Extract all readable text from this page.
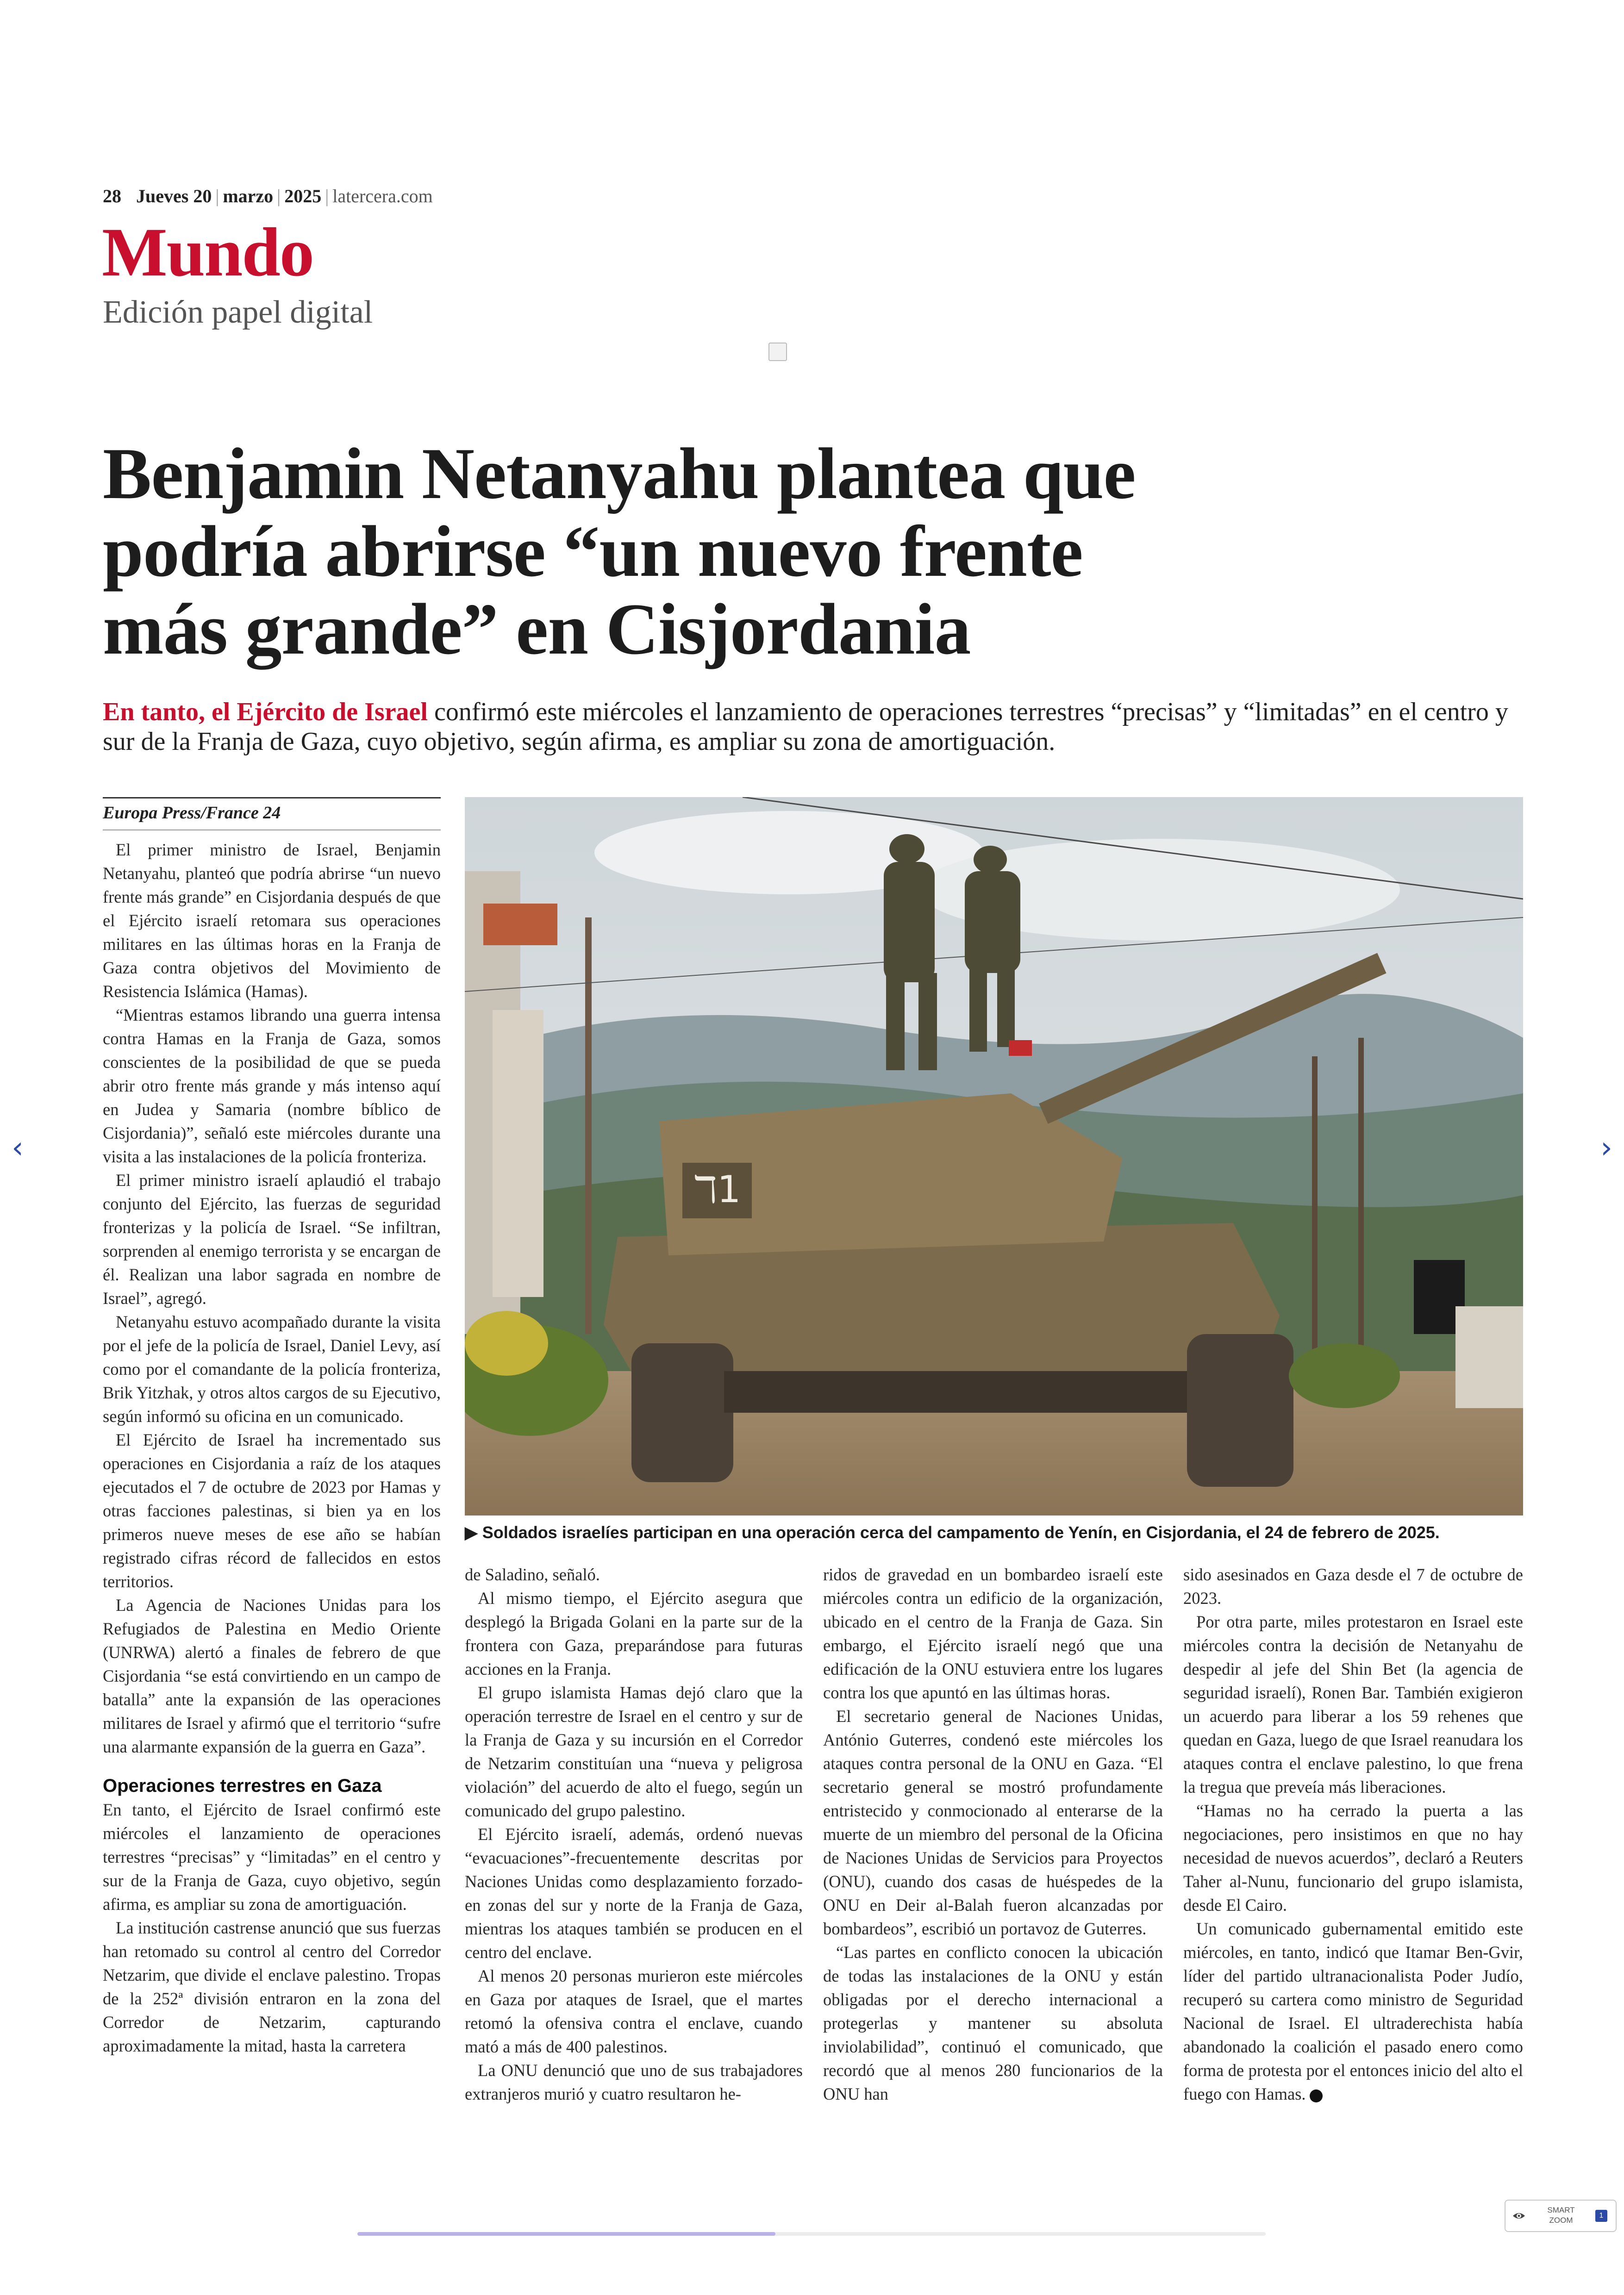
28 Jueves 20 | marzo | 2025 | latercera.com
Mundo
Edición papel digital
Benjamin Netanyahu plantea que
podría abrirse “un nuevo frente
más grande” en Cisjordania
En tanto, el Ejército de Israel confirmó este miércoles el lanzamiento de operaciones terrestres “precisas” y “limitadas” en el centro y sur de la Franja de Gaza, cuyo objetivo, según afirma, es ampliar su zona de amortiguación.
Europa Press/France 24

El primer ministro de Israel, Benjamin Netanyahu, planteó que podría abrirse “un nuevo frente más grande” en Cisjordania después de que el Ejército israelí retomara sus operaciones militares en las últimas horas en la Franja de Gaza contra objetivos del Movimiento de Resistencia Islámica (Hamas).

“Mientras estamos librando una guerra intensa contra Hamas en la Franja de Gaza, somos conscientes de la posibilidad de que se pueda abrir otro frente más grande y más intenso aquí en Judea y Samaria (nombre bíblico de Cisjordania)”, señaló este miércoles durante una visita a las instalaciones de la policía fronteriza.

El primer ministro israelí aplaudió el trabajo conjunto del Ejército, las fuerzas de seguridad fronterizas y la policía de Israel. “Se infiltran, sorprenden al enemigo terrorista y se encargan de él. Realizan una labor sagrada en nombre de Israel”, agregó.

Netanyahu estuvo acompañado durante la visita por el jefe de la policía de Israel, Daniel Levy, así como por el comandante de la policía fronteriza, Brik Yitzhak, y otros altos cargos de su Ejecutivo, según informó su oficina en un comunicado.

El Ejército de Israel ha incrementado sus operaciones en Cisjordania a raíz de los ataques ejecutados el 7 de octubre de 2023 por Hamas y otras facciones palestinas, si bien ya en los primeros nueve meses de ese año se habían registrado cifras récord de fallecidos en estos territorios.

La Agencia de Naciones Unidas para los Refugiados de Palestina en Medio Oriente (UNRWA) alertó a finales de febrero de que Cisjordania “se está convirtiendo en un campo de batalla” ante la expansión de las operaciones militares de Israel y afirmó que el territorio “sufre una alarmante expansión de la guerra en Gaza”.

Operaciones terrestres en Gaza

En tanto, el Ejército de Israel confirmó este miércoles el lanzamiento de operaciones terrestres “precisas” y “limitadas” en el centro y sur de la Franja de Gaza, cuyo objetivo, según afirma, es ampliar su zona de amortiguación.

La institución castrense anunció que sus fuerzas han retomado su control al centro del Corredor Netzarim, que divide el enclave palestino. Tropas de la 252ª división entraron en la zona del Corredor de Netzarim, capturando aproximadamente la mitad, hasta la carretera

ℸ1
▶ Soldados israelíes participan en una operación cerca del campamento de Yenín, en Cisjordania, el 24 de febrero de 2025.

de Saladino, señaló.

Al mismo tiempo, el Ejército asegura que desplegó la Brigada Golani en la parte sur de la frontera con Gaza, preparándose para futuras acciones en la Franja.

El grupo islamista Hamas dejó claro que la operación terrestre de Israel en el centro y sur de la Franja de Gaza y su incursión en el Corredor de Netzarim constituían una “nueva y peligrosa violación” del acuerdo de alto el fuego, según un comunicado del grupo palestino.

El Ejército israelí, además, ordenó nuevas “evacuaciones”-frecuentemente descritas por Naciones Unidas como desplazamiento forzado- en zonas del sur y norte de la Franja de Gaza, mientras los ataques también se producen en el centro del enclave.

Al menos 20 personas murieron este miércoles en Gaza por ataques de Israel, que el martes retomó la ofensiva contra el enclave, cuando mató a más de 400 palestinos.

La ONU denunció que uno de sus trabajadores extranjeros murió y cuatro resultaron he-

ridos de gravedad en un bombardeo israelí este miércoles contra un edificio de la organización, ubicado en el centro de la Franja de Gaza. Sin embargo, el Ejército israelí negó que una edificación de la ONU estuviera entre los lugares contra los que apuntó en las últimas horas.

El secretario general de Naciones Unidas, António Guterres, condenó este miércoles los ataques contra personal de la ONU en Gaza. “El secretario general se mostró profundamente entristecido y conmocionado al enterarse de la muerte de un miembro del personal de la Oficina de Naciones Unidas de Servicios para Proyectos (ONU), cuando dos casas de huéspedes de la ONU en Deir al-Balah fueron alcanzadas por bombardeos”, escribió un portavoz de Guterres.

“Las partes en conflicto conocen la ubicación de todas las instalaciones de la ONU y están obligadas por el derecho internacional a protegerlas y mantener su absoluta inviolabilidad”, continuó el comunicado, que recordó que al menos 280 funcionarios de la ONU han

sido asesinados en Gaza desde el 7 de octubre de 2023.

Por otra parte, miles protestaron en Israel este miércoles contra la decisión de Netanyahu de despedir al jefe del Shin Bet (la agencia de seguridad israelí), Ronen Bar. También exigieron un acuerdo para liberar a los 59 rehenes que quedan en Gaza, luego de que Israel reanudara los ataques contra el enclave palestino, lo que frena la tregua que preveía más liberaciones.

“Hamas no ha cerrado la puerta a las negociaciones, pero insistimos en que no hay necesidad de nuevos acuerdos”, declaró a Reuters Taher al-Nunu, funcionario del grupo islamista, desde El Cairo.

Un comunicado gubernamental emitido este miércoles, en tanto, indicó que Itamar Ben-Gvir, líder del partido ultranacionalista Poder Judío, recuperó su cartera como ministro de Seguridad Nacional de Israel. El ultraderechista había abandonado la coalición el pasado enero como forma de protesta por el entonces inicio del alto el fuego con Hamas.

‹	›
SMART ZOOM
1
